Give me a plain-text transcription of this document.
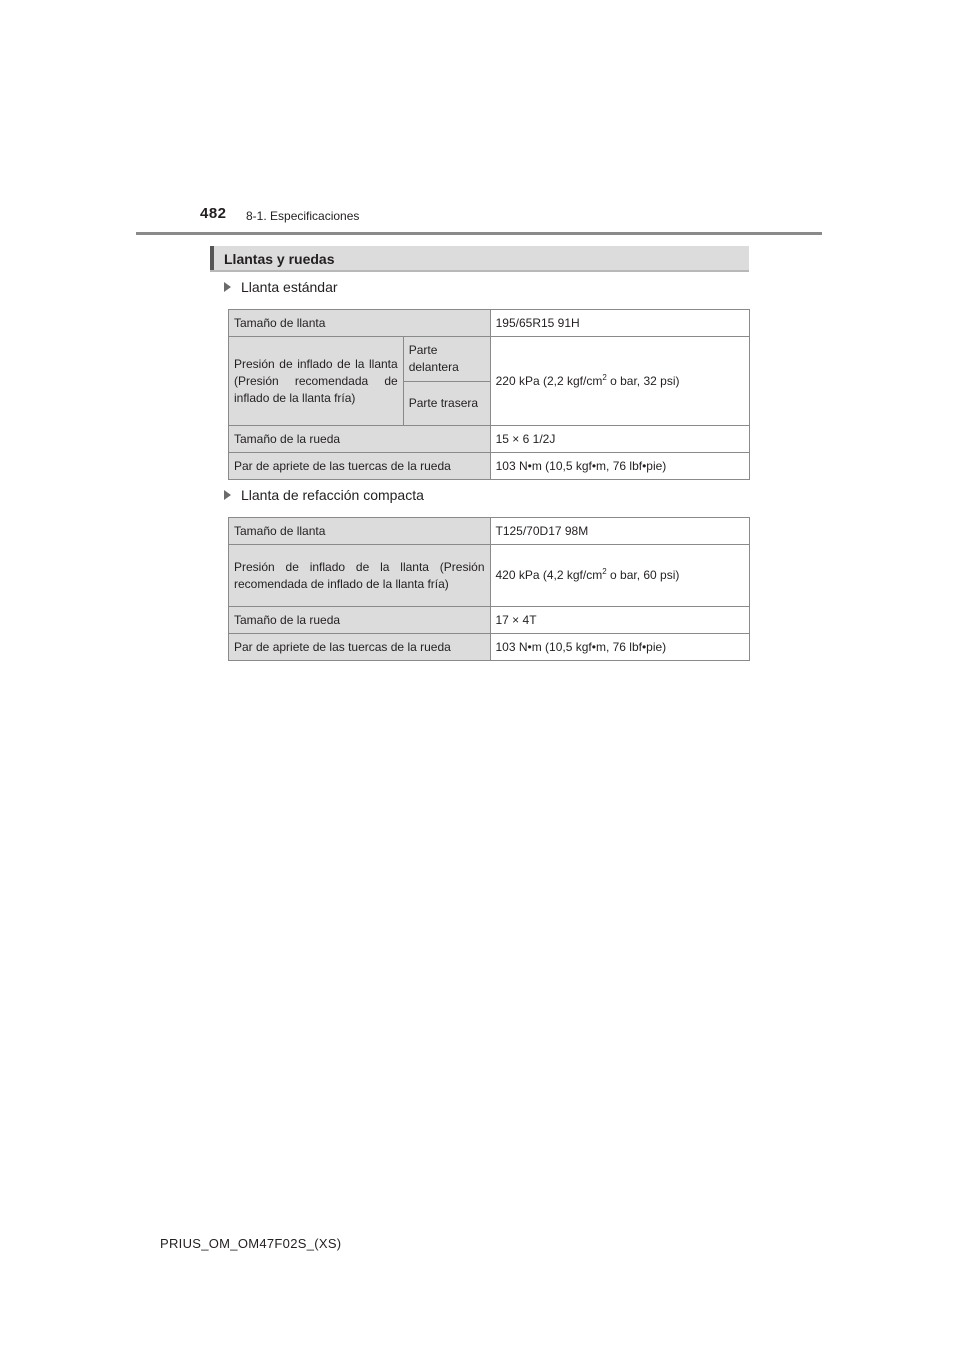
482 8-1. Especificaciones
Llantas y ruedas
Llanta estándar
Tamaño de llanta		195/65R15 91H
Presión de inflado de la llanta (Presión recomendada de inflado de la llanta fría)	Parte delantera	220 kPa (2,2 kgf/$cm^2$ o bar, 32 psi)
	Parte trasera	
Tamaño de la rueda		15 × 6 1/2J
Par de apriete de las tuercas de la rueda		103 N•m (10,5 kgf•m, 76 lbf•pie)
Llanta de refacción compacta
Tamaño de llanta	T125/70D17 98M
Presión de inflado de la llanta (Presión recomendada de inflado de la llanta fría)	420 kPa (4,2 kgf/$cm^2$ o bar, 60 psi)
Tamaño de la rueda	17 × 4T
Par de apriete de las tuercas de la rueda	103 N•m (10,5 kgf•m, 76 lbf•pie)
PRIUS_OM_OM47F02S_(XS)
